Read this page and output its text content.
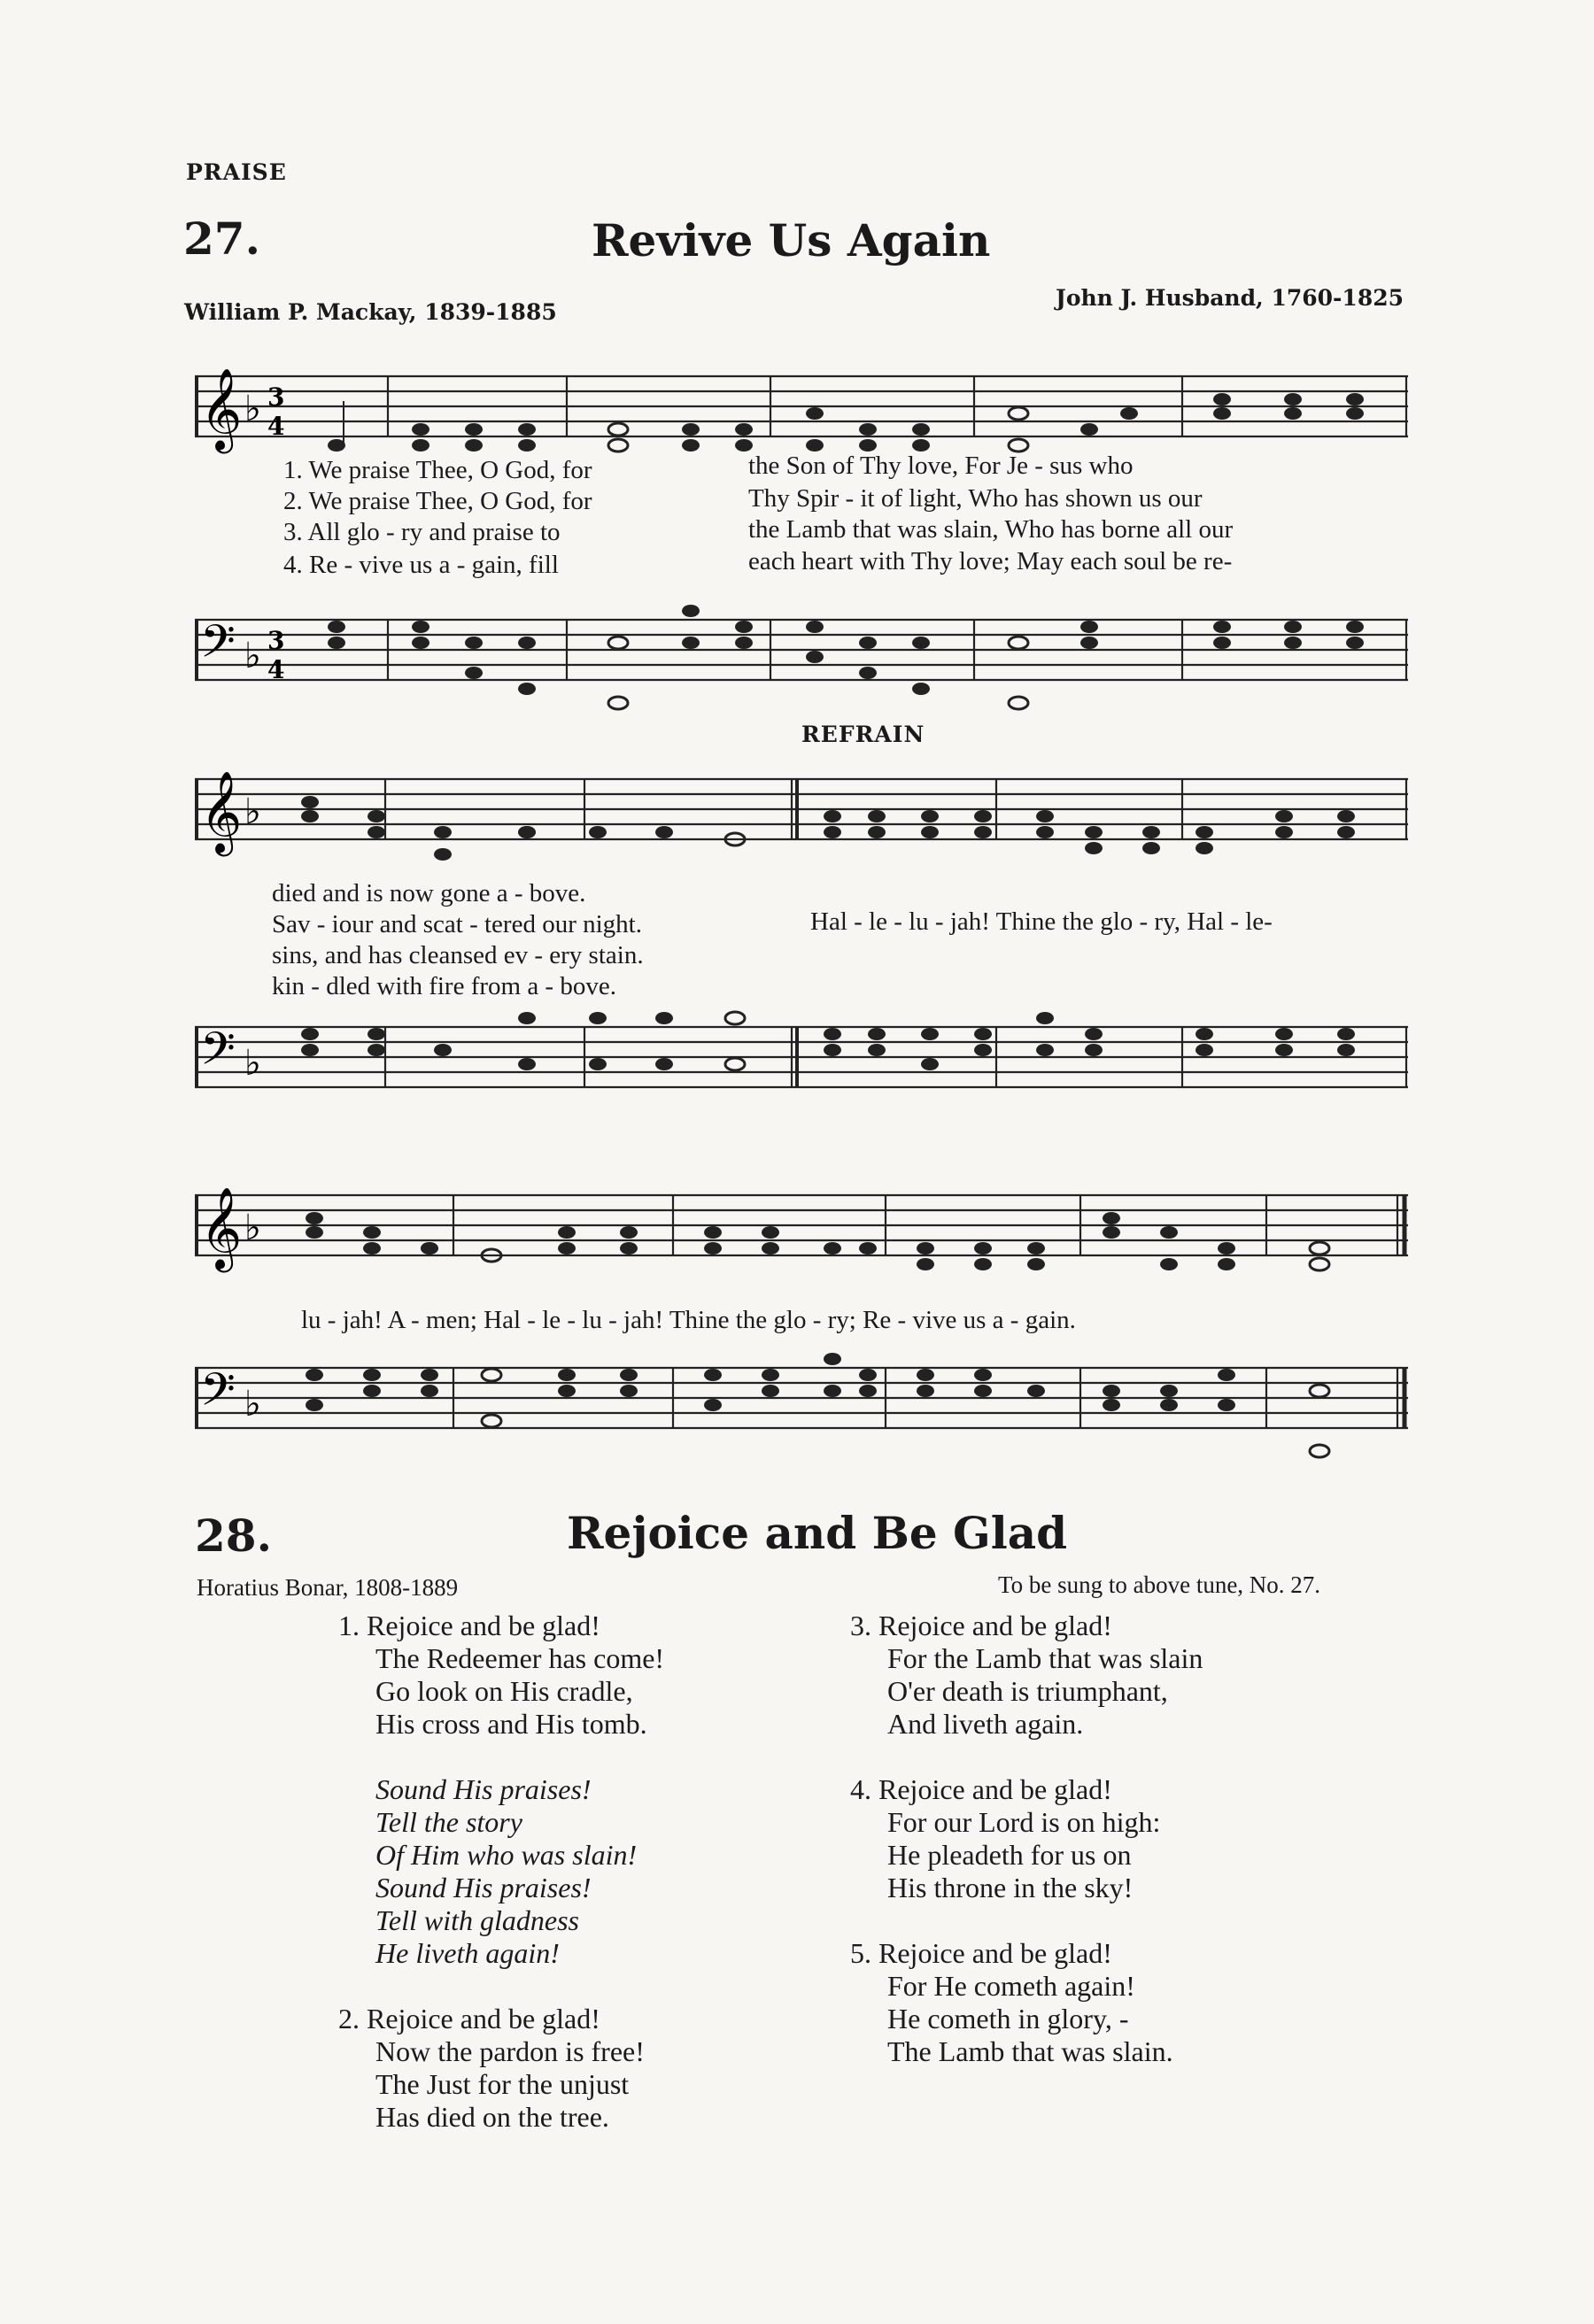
PRAISE
27.	Revive Us Again
William P. Mackay, 1839-1885
John J. Husband, 1760-1825
𝄞 ♭ 3
4
1. We praise Thee, O God, for	the Son of Thy love, For Je - sus who
2. We praise Thee, O God, for	Thy Spir - it of light, Who has shown us our
3. All glo - ry and praise to	the Lamb that was slain, Who has borne all our
4. Re - vive us a - gain, fill	each heart with Thy love; May each soul be re-
𝄢 ♭ 3
4
REFRAIN
𝄞 ♭
died and is now gone a - bove.
Sav - iour and scat - tered our night.
sins, and has cleansed ev - ery stain.
kin - dled with fire from a - bove.
Hal - le - lu - jah! Thine the glo - ry, Hal - le-
𝄢 ♭
𝄞 ♭
lu - jah! A - men; Hal - le - lu - jah! Thine the glo - ry; Re - vive us a - gain.
𝄢 ♭
28.	Rejoice and Be Glad
Horatius Bonar, 1808-1889	To be sung to above tune, No. 27.
1. Rejoice and be glad!
The Redeemer has come!
Go look on His cradle,
His cross and His tomb.
Sound His praises!
Tell the story
Of Him who was slain!
Sound His praises!
Tell with gladness
He liveth again!
2. Rejoice and be glad!
Now the pardon is free!
The Just for the unjust
Has died on the tree.
3. Rejoice and be glad!
For the Lamb that was slain
O'er death is triumphant,
And liveth again.
4. Rejoice and be glad!
For our Lord is on high:
He pleadeth for us on
His throne in the sky!
5. Rejoice and be glad!
For He cometh again!
He cometh in glory, -
The Lamb that was slain.
